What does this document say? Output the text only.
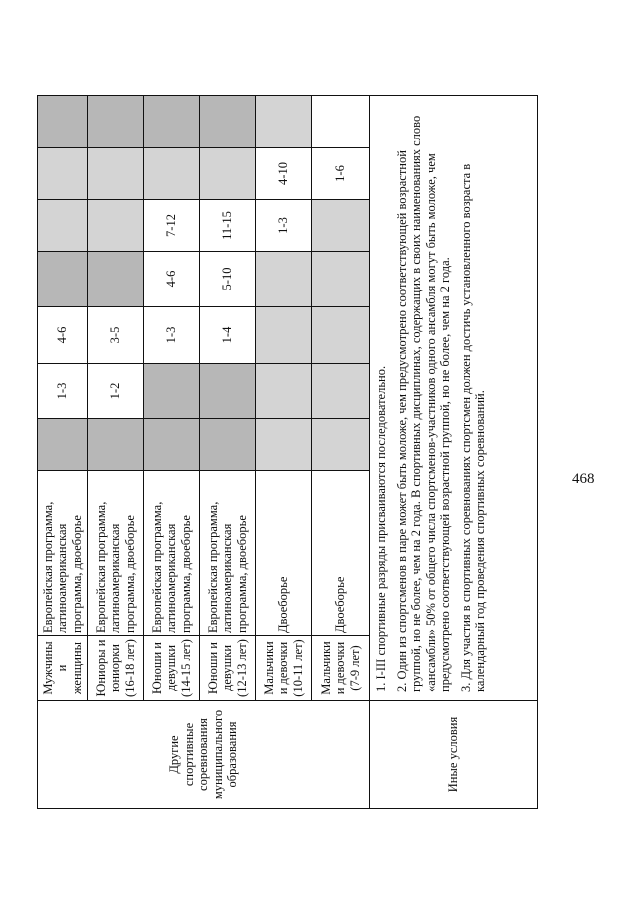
468
Другие спортивные соревнования муниципального образования	Мужчины и женщины	Европейская программа, латиноамериканская программа, двоеборье		1-3	4-6				
	Юниоры и юниорки (16-18 лет)	Европейская программа, латиноамериканская программа, двоеборье		1-2	3-5				
	Юноши и девушки (14-15 лет)	Европейская программа, латиноамериканская программа, двоеборье			1-3	4-6	7-12		
	Юноши и девушки (12-13 лет)	Европейская программа, латиноамериканская программа, двоеборье			1-4	5-10	11-15		
	Мальчики и девочки (10-11 лет)	Двоеборье					1-3	4-10	
	Мальчики и девочки (7-9 лет)	Двоеборье						1-6	
Иные условия	1. I-III спортивные разряды присваиваются последовательно. 2. Один из спортсменов в паре может быть моложе, чем предусмотрено соответствующей возрастной группой, но не более, чем на 2 года. В спортивных дисциплинах, содержащих в своих наименованиях слово «ансамбли» 50% от общего числа спортсменов-участников одного ансамбля могут быть моложе, чем предусмотрено соответствующей возрастной группой, но не более, чем на 2 года. 3. Для участия в спортивных соревнованиях спортсмен должен достичь установленного возраста в календарный год проведения спортивных соревнований.								
